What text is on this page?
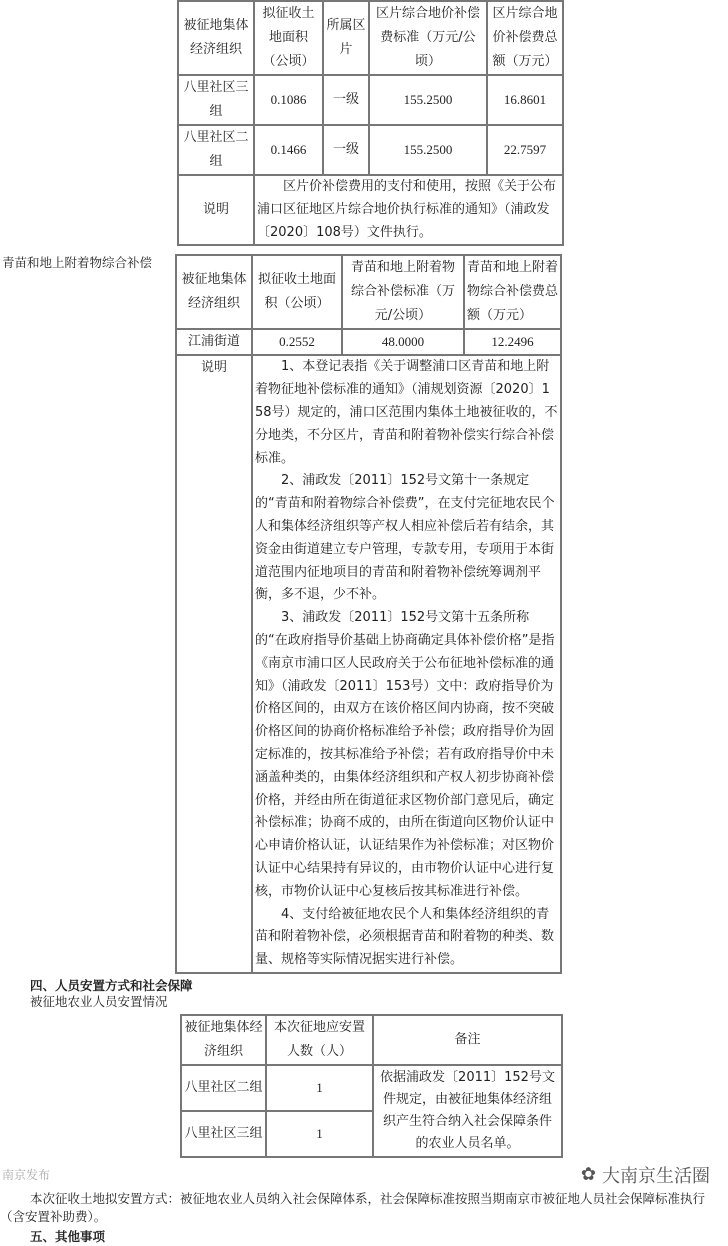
被征地集体经济组织	拟征收土地面积（公顷）	所属区片	区片综合地价补偿费标准（万元/公顷）	区片综合地价补偿费总额（万元）
八里社区三组	0.1086	一级	155.2500	16.8601
八里社区二组	0.1466	一级	155.2500	22.7597
说明	区片价补偿费用的支付和使用，按照《关于公布浦口区征地区片综合地价执行标准的通知》（浦政发〔2020〕108号）文件执行。			

青苗和地上附着物综合补偿
被征地集体经济组织	拟征收土地面积（公顷）	青苗和地上附着物综合补偿标准（万元/公顷）	青苗和地上附着物综合补偿费总额（万元）
江浦街道	0.2552	48.0000	12.2496
说明	1、本登记表指《关于调整浦口区青苗和地上附着物征地补偿标准的通知》（浦规划资源〔2020〕158号）规定的，浦口区范围内集体土地被征收的，不分地类，不分区片，青苗和附着物补偿实行综合补偿标准。

2、浦政发〔2011〕152号文第十一条规定的“青苗和附着物综合补偿费”，在支付完征地农民个人和集体经济组织等产权人相应补偿后若有结余，其资金由街道建立专户管理，专款专用，专项用于本街道范围内征地项目的青苗和附着物补偿统筹调剂平衡，多不退，少不补。

3、浦政发〔2011〕152号文第十五条所称的“在政府指导价基础上协商确定具体补偿价格”是指《南京市浦口区人民政府关于公布征地补偿标准的通知》（浦政发〔2011〕153号）文中：政府指导价为价格区间的，由双方在该价格区间内协商，按不突破价格区间的协商价格标准给予补偿；政府指导价为固定标准的，按其标准给予补偿；若有政府指导价中未涵盖种类的，由集体经济组织和产权人初步协商补偿价格，并经由所在街道征求区物价部门意见后，确定补偿标准；协商不成的，由所在街道向区物价认证中心申请价格认证，认证结果作为补偿标准；对区物价认证中心结果持有异议的，由市物价认证中心进行复核，市物价认证中心复核后按其标准进行补偿。

4、支付给被征地农民个人和集体经济组织的青苗和附着物补偿，必须根据青苗和附着物的种类、数量、规格等实际情况据实进行补偿。		

四、人员安置方式和社会保障
被征地农业人员安置情况
被征地集体经济组织	本次征地应安置人数（人）	备注
八里社区二组	1	依据浦政发〔2011〕152号文件规定，由被征地集体经济组织产生符合纳入社会保障条件的农业人员名单。
八里社区三组	1	
南京发布	✿ 大南京生活圈
本次征收土地拟安置方式：被征地农业人员纳入社会保障体系，社会保障标准按照当期南京市被征地人员社会保障标准执行（含安置补助费）。
五、其他事项
